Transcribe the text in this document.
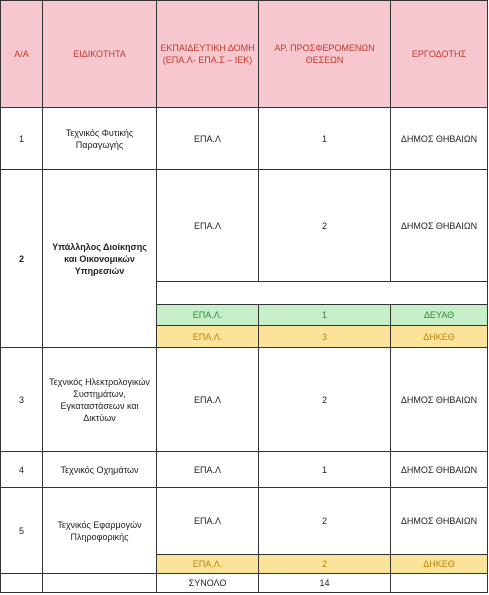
Α/Α	ΕΙΔΙΚΟΤΗΤΑ	ΕΚΠΑΙΔΕΥΤΙΚΗ ΔΟΜΗ (ΕΠΑ.Λ- ΕΠΑ.Σ – ΙΕΚ)	ΑΡ. ΠΡΟΣΦΕΡΟΜΕΝΩΝ ΘΕΣΕΩΝ	ΕΡΓΟΔΟΤΗΣ
1	Τεχνικός Φυτικής Παραγωγής	ΕΠΑ.Λ	1	ΔΗΜΟΣ ΘΗΒΑΙΩΝ
2	Υπάλληλος Διοίκησης και Οικονομικών Υπηρεσιών	ΕΠΑ.Λ	2	ΔΗΜΟΣ ΘΗΒΑΙΩΝ

		ΕΠΑ.Λ.	1	ΔΕΥΑΘ
		ΕΠΑ.Λ.	3	ΔΗΚΕΘ
3	Τεχνικός Ηλεκτρολογικών Συστημάτων, Εγκαταστάσεων και Δικτύων	ΕΠΑ.Λ	2	ΔΗΜΟΣ ΘΗΒΑΙΩΝ
4	Τεχνικός Οχημάτων	ΕΠΑ.Λ	1	ΔΗΜΟΣ ΘΗΒΑΙΩΝ
5	Τεχνικός Εφαρμογών Πληροφορικής	ΕΠΑ.Λ	2	ΔΗΜΟΣ ΘΗΒΑΙΩΝ
		ΕΠΑ.Λ.	2	ΔΗΚΕΘ
		ΣΥΝΟΛΟ	14	
